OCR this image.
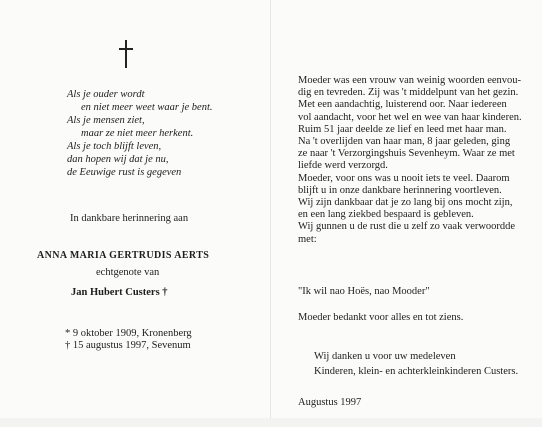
Als je ouder wordt
en niet meer weet waar je bent.
Als je mensen ziet,
maar ze niet meer herkent.
Als je toch blijft leven,
dan hopen wij dat je nu,
de Eeuwige rust is gegeven
In dankbare herinnering aan
ANNA MARIA GERTRUDIS AERTS
echtgenote van
Jan Hubert Custers †
* 9 oktober 1909, Kronenberg
† 15 augustus 1997, Sevenum
Moeder was een vrouw van weinig woorden eenvou-
dig en tevreden. Zij was 't middelpunt van het gezin.
Met een aandachtig, luisterend oor. Naar iedereen
vol aandacht, voor het wel en wee van haar kinderen.
Ruim 51 jaar deelde ze lief en leed met haar man.
Na 't overlijden van haar man, 8 jaar geleden, ging
ze naar 't Verzorgingshuis Sevenheym. Waar ze met
liefde werd verzorgd.
Moeder, voor ons was u nooit iets te veel. Daarom
blijft u in onze dankbare herinnering voortleven.
Wij zijn dankbaar dat je zo lang bij ons mocht zijn,
en een lang ziekbed bespaard is gebleven.
Wij gunnen u de rust die u zelf zo vaak verwoordde
met:
"Ik wil nao Hoës, nao Mooder"
Moeder bedankt voor alles en tot ziens.
Wij danken u voor uw medeleven
Kinderen, klein- en achterkleinkinderen Custers.
Augustus 1997
